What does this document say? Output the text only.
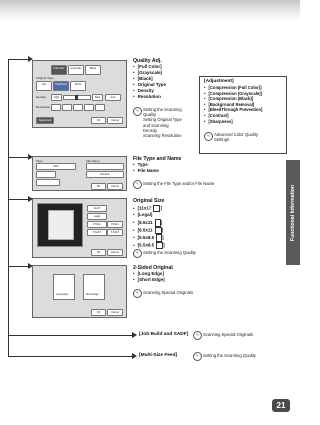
Full Color	Grayscale	Black
Original Type
Text	Text/Photo	Photo
Density	Light	Dark	Auto
Resolution
Adjustment	OK	Cancel
Quality Adj.
• [Full Color]
• [Grayscale]
• [Black]
• Original Type
• Density
• Resolution
✎ Setting the Scanning
Quality
Setting Original Type
and Scanning
Density
Scanning Resolution
[Adjustment]
• [Compression (Full Color)]
• [Compression (Grayscale)]
• [Compression (Black)]
• [Background Removal]
• [BleedThrough Prevention]
• [Contrast]
• [Sharpness]
✎ Advanced Color Quality
Settings
Type	File Name
PDF
Rename
OK	Cancel
File Type and Name
• Type
• File Name
✎ Setting the File Type and/or File Name
11x17
Legal
8.5x11	8.5x11
5.5x8.5	5.5x8.5
OK	Cancel
Original Size
• [11x17 ]
• [Legal]
• [8.5x11 ]
• [8.5x11 ]
• [5.5x8.5 ]
• [5.5x8.5 ]
✎ Setting the Scanning Quality
Long Edge	Short Edge
OK	Cancel
2-Sided Original
• [Long Edge]
• [Short Edge]
✎ Scanning Special Originals
[Job Build and SADF]	✎ Scanning Special Originals
[Multi-Size Feed]	✎ Setting the Scanning Quality
Functional Information
21
